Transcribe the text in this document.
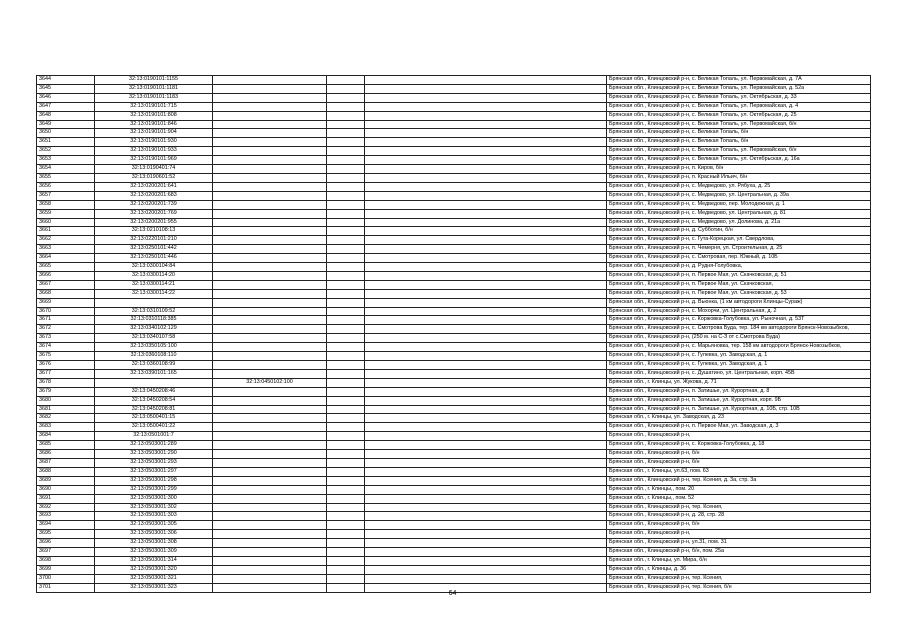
3644	32:13:0190101:1155				Брянская обл., Клинцовский р-н, с. Великая Топаль, ул. Первомайская, д. 7А
3645	32:13:0190101:1181				Брянская обл., Клинцовский р-н, с. Великая Топаль, ул. Первомайская, д. 52а
3646	32:13:0190101:1183				Брянская обл., Клинцовский р-н, с. Великая Топаль, ул. Октябрьская, д. 33
3647	32:13:0190101:715				Брянская обл., Клинцовский р-н, с. Великая Топаль, ул. Первомайская, д. 4
3648	32:13:0190101:808				Брянская обл., Клинцовский р-н, с. Великая Топаль, ул. Октябрьская, д. 25
3649	32:13:0190101:846				Брянская обл., Клинцовский р-н, с. Великая Топаль, ул. Первомайская, б/н
3650	32:13:0190101:904				Брянская обл., Клинцовский р-н, с. Великая Топаль, б/н
3651	32:13:0190101:930				Брянская обл., Клинцовский р-н, с. Великая Топаль, б/н
3652	32:13:0190101:933				Брянская обл., Клинцовский р-н, с. Великая Топаль, ул. Первомайская, б/н
3653	32:13:0190101:969				Брянская обл., Клинцовский р-н, с. Великая Топаль, ул. Октябрьская, д. 16а
3654	32:13:0190401:74				Брянская обл., Клинцовский р-н, п. Киров, б/н
3655	32:13:0190601:52				Брянская обл., Клинцовский р-н, п. Красный Ильич, б/н
3656	32:13:0200201:641				Брянская обл., Клинцовский р-н, с. Медведово, ул. Рябуха, д. 25
3657	32:13:0200201:683				Брянская обл., Клинцовский р-н, с. Медведово, ул. Центральная, д. 39а
3658	32:13:0200201:739				Брянская обл., Клинцовский р-н, с. Медведово, пер. Молодежная, д. 1
3659	32:13:0200201:769				Брянская обл., Клинцовский р-н, с. Медведово, ул. Центральная, д. 81
3660	32:13:0200201:955				Брянская обл., Клинцовский р-н, с. Медведово, ул. Долинова, д. 21а
3661	32:13:0210108:13				Брянская обл., Клинцовский р-н, д. Субботин, б/н
3662	32:13:0220101:210				Брянская обл., Клинцовский р-н, с. Гута-Корецкая, ул. Свердлова,
3663	32:13:0250101:442				Брянская обл., Клинцовский р-н, п. Чемерня, ул. Строительная, д. 25
3664	32:13:0250101:446				Брянская обл., Клинцовский р-н, с. Смотровая, пер. Южный, д. 10Б
3665	32:13:0300104:84				Брянская обл., Клинцовский р-н, д. Рудня-Голубовка,
3666	32:13:0300114:20				Брянская обл., Клинцовский р-н, п. Первое Мая, ул. Скачковская, д. 51
3667	32:13:0300114:21				Брянская обл., Клинцовский р-н, п. Первое Мая, ул. Скачковская,
3668	32:13:0300114:22				Брянская обл., Клинцовский р-н, п. Первое Мая, ул. Скачковская, д. 53
3669					Брянская обл., Клинцовский р-н, д. Вьюнка, (1 км автодороги Клинцы-Сураж)
3670	32:13:0310109:52				Брянская обл., Клинцовский р-н, с. Мохорчи, ул. Центральная, д. 2
3671	32:13:0310118:385				Брянская обл., Клинцовский р-н, с. Коржовка-Голубовка, ул. Рыночная, д. 53Т
3672	32:13:0340102:129				Брянская обл., Клинцовский р-н, с. Смотрова Буда, тер. 184 км автодороги Брянск-Новозыбков,
3673	32:13:0340107:58				Брянская обл., Клинцовский р-н, (250 м. на С-З от с.Смотрова Буда)
3674	32:13:0350105:100				Брянская обл., Клинцовский р-н, с. Марьяновка, тер. 158 км автодороги Брянск-Новозыбков,
3675	32:13:0360108:110				Брянская обл., Клинцовский р-н, с. Гулевка, ул. Заводская, д. 1
3676	32:13:0360108:99				Брянская обл., Клинцовский р-н, с. Гулевка, ул. Заводская, д. 1
3677	32:13:0390101:165				Брянская обл., Клинцовский р-н, с. Душатино, ул. Центральная, корп. 45В
3678		32:13:0450102:100			Брянская обл., г. Клинцы, ул. Жукова, д. 71
3679	32:13:0450208:46				Брянская обл., Клинцовский р-н, п. Затишье, ул. Курортная, д. 8
3680	32:13:0450208:54				Брянская обл., Клинцовский р-н, п. Затишье, ул. Курортная, корп. 9Б
3681	32:13:0450208:81				Брянская обл., Клинцовский р-н, п. Затишье, ул. Курортная, д. 10Б, стр. 10В
3682	32:13:0500401:15				Брянская обл., г. Клинцы, ул. Заводская, д. 23
3683	32:13:0500401:22				Брянская обл., Клинцовский р-н, п. Первое Мая, ул. Заводская, д. 3
3684	32:13:0501001:7				Брянская обл., Клинцовский р-н,
3685	32:13:0503001:289				Брянская обл., Клинцовский р-н, с. Коржовка-Голубовка, д. 18
3686	32:13:0503001:290				Брянская обл., Клинцовский р-н, б/н
3687	32:13:0503001:293				Брянская обл., Клинцовский р-н, б/н
3688	32:13:0503001:297				Брянская обл., г. Клинцы, ул.63, пом. 63
3689	32:13:0503001:298				Брянская обл., Клинцовский р-н, тер. Ксения, д. 3а, стр. 3а
3690	32:13:0503001:299				Брянская обл., г. Клинцы,, пом. 20
3691	32:13:0503001:300				Брянская обл., г. Клинцы,, пом. 52
3692	32:13:0503001:302				Брянская обл., Клинцовский р-н, тер. Ксения,
3693	32:13:0503001:303				Брянская обл., Клинцовский р-н, д. 28, стр. 28
3694	32:13:0503001:305				Брянская обл., Клинцовский р-н, б/н
3695	32:13:0503001:306				Брянская обл., Клинцовский р-н,
3696	32:13:0503001:308				Брянская обл., Клинцовский р-н, ул.31, пом. 31
3697	32:13:0503001:309				Брянская обл., Клинцовский р-н, б/н, пом. 25а
3698	32:13:0503001:314				Брянская обл., г. Клинцы, ул. Мира, б/н
3699	32:13:0503001:320				Брянская обл., г. Клинцы, д. 36
3700	32:13:0503001:321				Брянская обл., Клинцовский р-н, тер. Ксения,
3701	32:13:0503001:323				Брянская обл., Клинцовский р-н, тер. Ксения, б/н
64
